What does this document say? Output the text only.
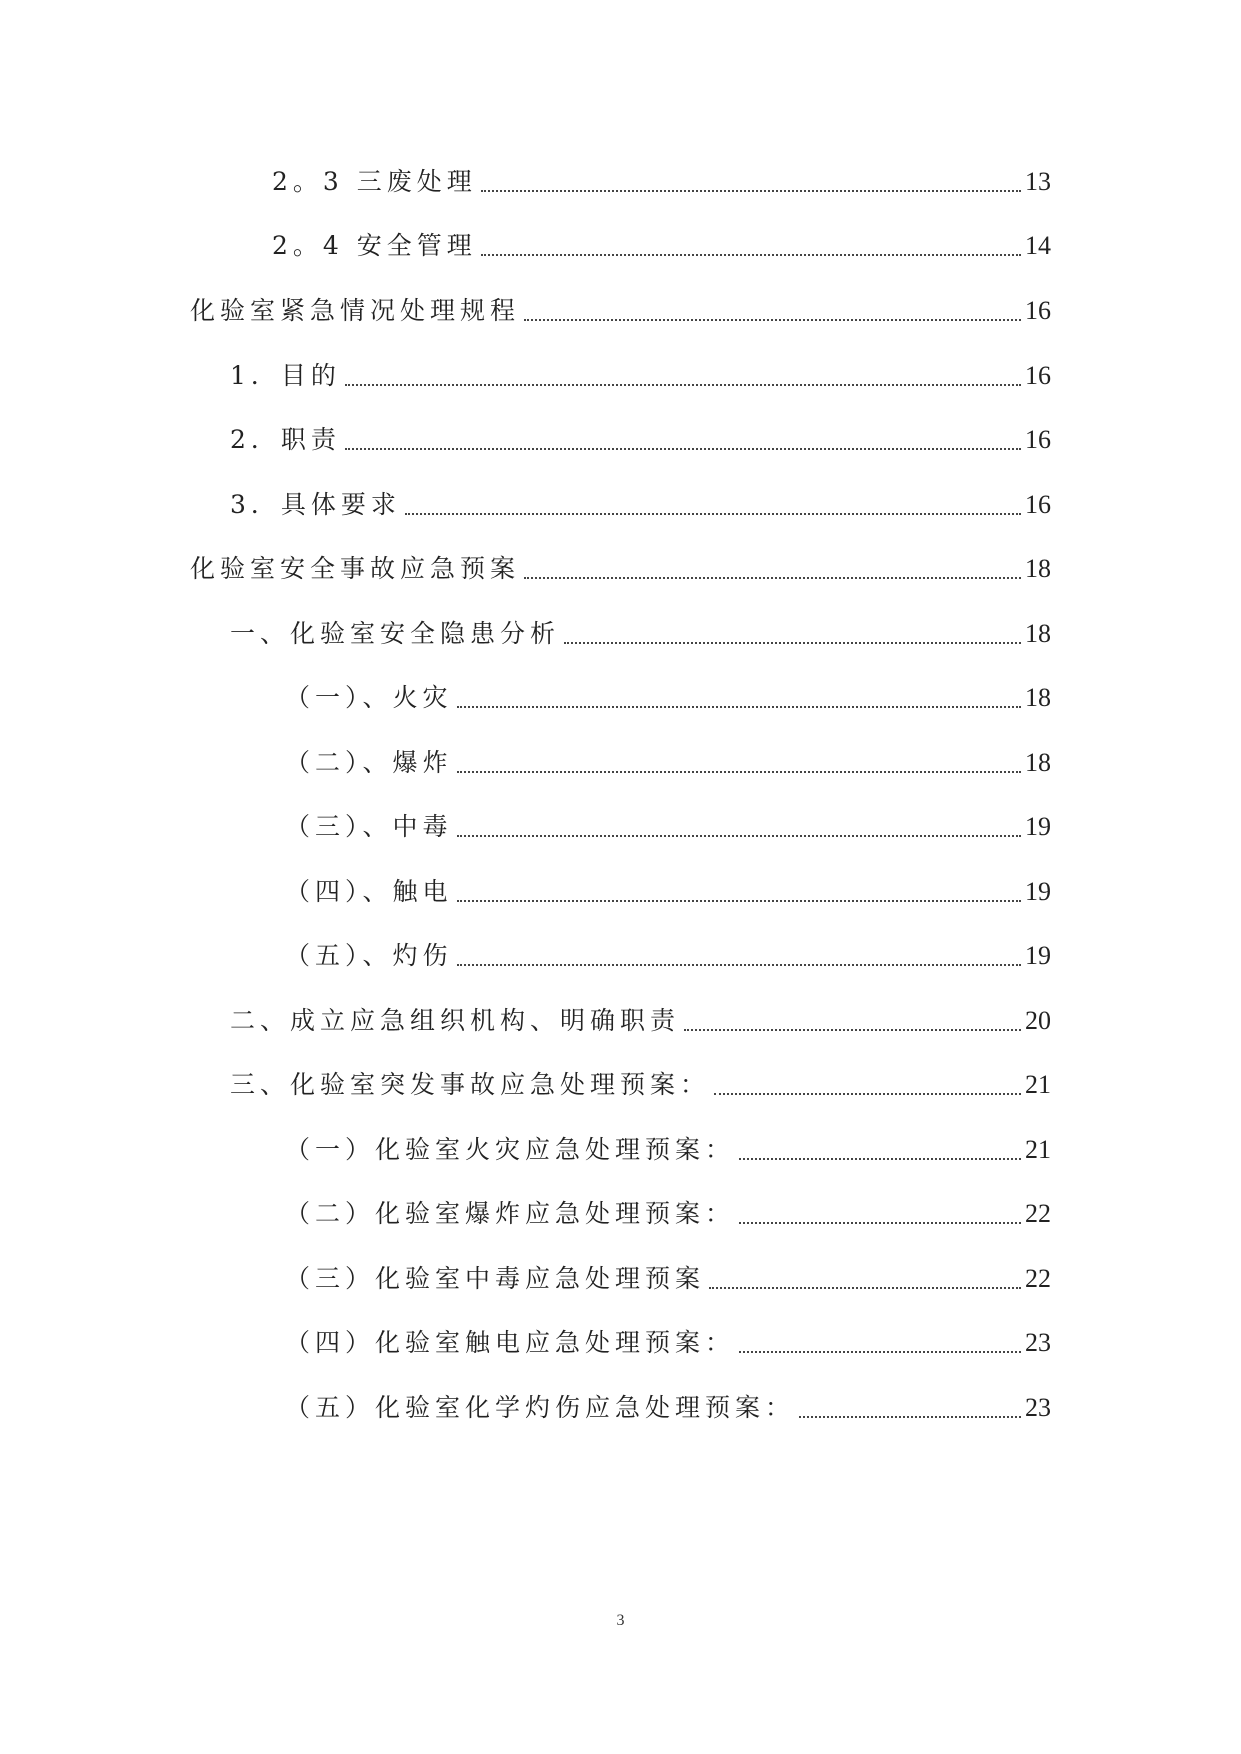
2。3 三废处理	13
2。4 安全管理	14
化验室紧急情况处理规程	16
1．目的	16
2．职责	16
3．具体要求	16
化验室安全事故应急预案	18
一、化验室安全隐患分析	18
（一）、火灾	18
（二）、爆炸	18
（三）、中毒	19
（四）、触电	19
（五）、灼伤	19
二、成立应急组织机构、明确职责	20
三、化验室突发事故应急处理预案：	21
（一）化验室火灾应急处理预案：	21
（二）化验室爆炸应急处理预案：	22
（三）化验室中毒应急处理预案	22
（四）化验室触电应急处理预案：	23
（五）化验室化学灼伤应急处理预案：	23
3
